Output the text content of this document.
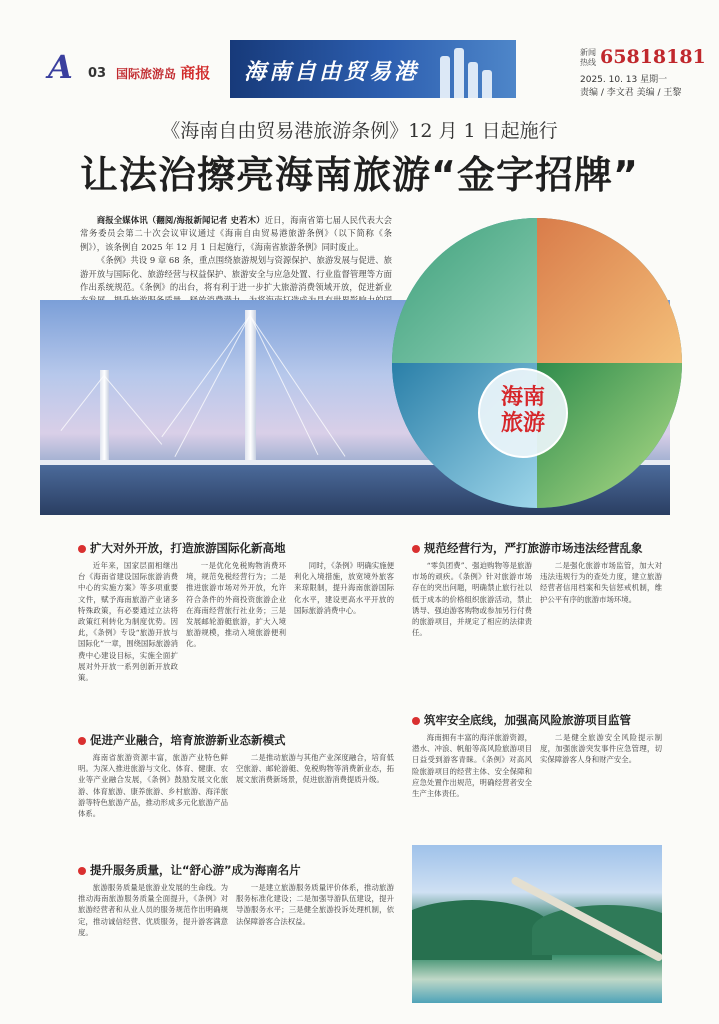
A 03 国际旅游岛 商报 海南自由贸易港
新闻热线 65818181
2025. 10. 13 星期一
责编 / 李文君 美编 / 王黎
《海南自由贸易港旅游条例》12 月 1 日起施行
让法治擦亮海南旅游“金字招牌”

商报全媒体讯（翻阅/海报新闻记者 史若木）近日，海南省第七届人民代表大会常务委员会第二十次会议审议通过《海南自由贸易港旅游条例》（以下简称《条例》），该条例自 2025 年 12 月 1 日起施行，《海南省旅游条例》同时废止。

《条例》共设 9 章 68 条，重点围绕旅游规划与资源保护、旅游发展与促进、旅游开放与国际化、旅游经营与权益保护、旅游安全与应急处置、行业监督管理等方面作出系统规范。《条例》的出台，将有利于进一步扩大旅游消费领域开放，促进新业

海南
旅游
扩大对外开放，打造旅游国际化新高地

近年来，国家层面相继出台《海南省建设国际旅游消费中心的实施方案》等多项重要文件，赋予海南旅游产业诸多特殊政策，有必要通过立法将政策红利转化为制度优势。因此，《条例》专设“旅游开放与国际化”一章，围绕国际旅游消费中心建设目标，实施全面扩展对外开放一系列创新开放政策。

一是优化免税购物消费环境，规范免税经营行为；二是推进旅游市场对外开放，允许符合条件的外商投资旅游企业在海南经营旅行社业务；三是发展邮轮游艇旅游，扩大入境旅游规模，推动入境旅游便利化。

同时，《条例》明确实施便利化入境措施，放宽境外旅客来琼限制，提升海南旅游国际化水平，建设更高水平开放的国际旅游消费中心。

促进产业融合，培育旅游新业态新模式

海南省旅游资源丰富，旅游产业特色鲜明。为深入推进旅游与文化、体育、健康、农业等产业融合发展，《条例》鼓励发展文化旅游、体育旅游、康养旅游、乡村旅游、海洋旅游等特色旅游产品，推动形成多元化旅游产品体系。

二是推动旅游与其他产业深度融合，培育低空旅游、邮轮游艇、免税购物等消费新业态，拓展文旅消费新场景，促进旅游消费提质升级。

提升服务质量，让“舒心游”成为海南名片

旅游服务质量是旅游业发展的生命线。为推动海南旅游服务质量全面提升，《条例》对旅游经营者和从业人员的服务规范作出明确规定，推动诚信经营、优质服务，提升游客满意度。

一是建立旅游服务质量评价体系，推动旅游服务标准化建设；二是加强导游队伍建设，提升导游服务水平；三是健全旅游投诉处理机制，依法保障游客合法权益。

规范经营行为，严打旅游市场违法经营乱象

“零负团费”、强迫购物等是旅游市场的顽疾。《条例》针对旅游市场存在的突出问题，明确禁止旅行社以低于成本的价格组织旅游活动，禁止诱导、强迫游客购物或参加另行付费的旅游项目，并规定了相应的法律责任。

二是强化旅游市场监管，加大对违法违规行为的查处力度，建立旅游经营者信用档案和失信惩戒机制，维护公平有序的旅游市场环境。

筑牢安全底线，加强高风险旅游项目监管

海南拥有丰富的海洋旅游资源，潜水、冲浪、帆船等高风险旅游项目日益受到游客青睐。《条例》对高风险旅游项目的经营主体、安全保障和应急处置作出规范，明确经营者安全生产主体责任。

二是健全旅游安全风险提示制度，加强旅游突发事件应急管理，切实保障游客人身和财产安全。
